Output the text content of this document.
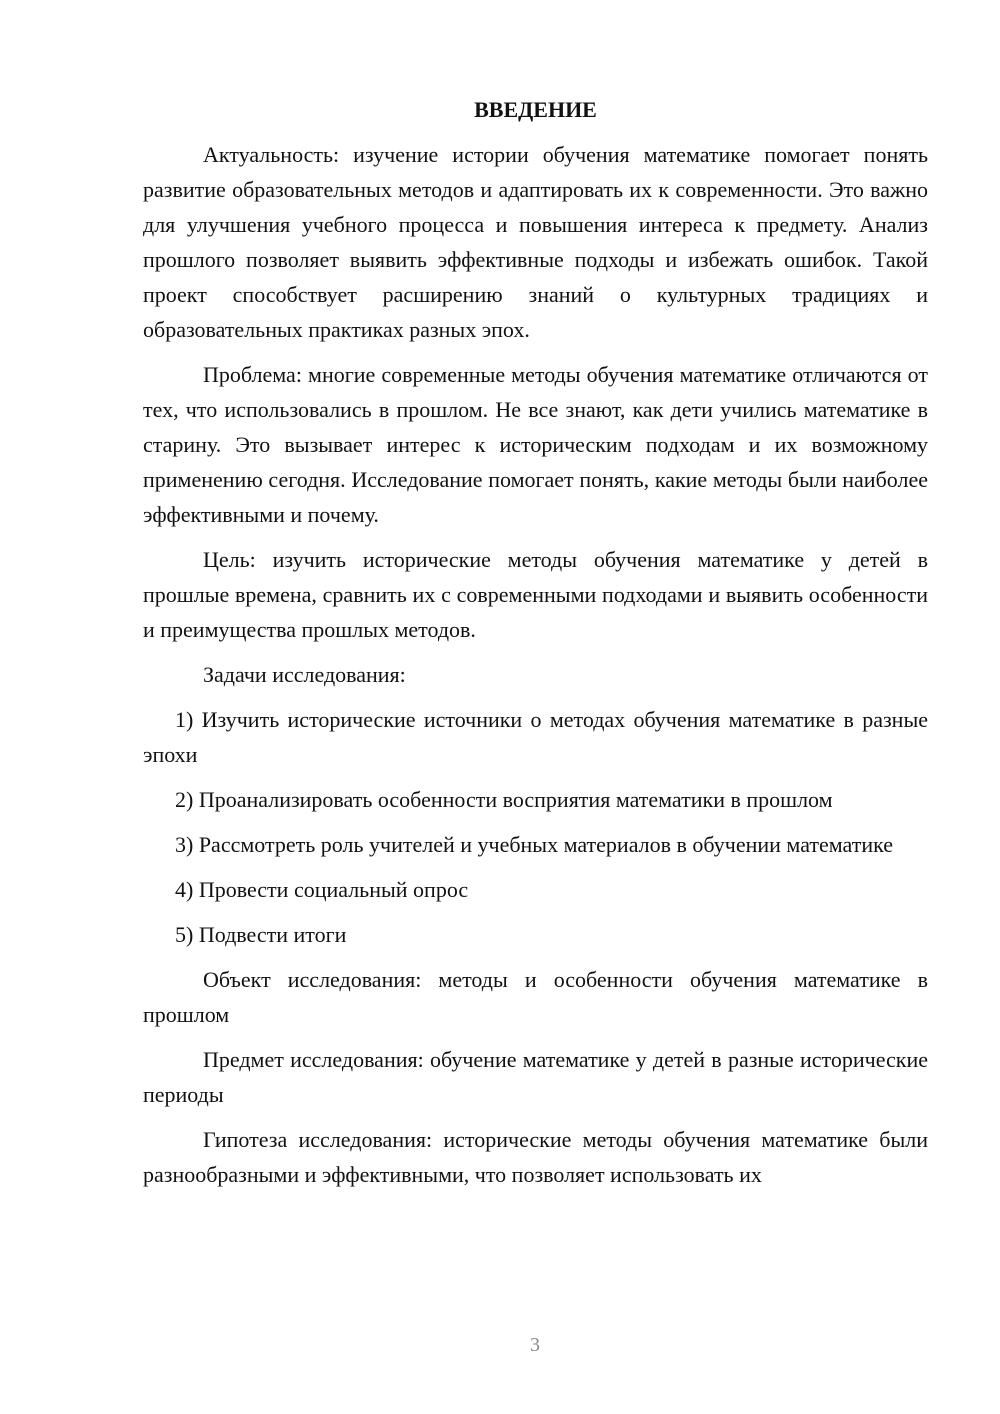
ВВЕДЕНИЕ

Актуальность: изучение истории обучения математике помогает понять развитие образовательных методов и адаптировать их к современности. Это важно для улучшения учебного процесса и повышения интереса к предмету. Анализ прошлого позволяет выявить эффективные подходы и избежать ошибок. Такой проект способствует расширению знаний о культурных традициях и образовательных практиках разных эпох.

Проблема: многие современные методы обучения математике отличаются от тех, что использовались в прошлом. Не все знают, как дети учились математике в старину. Это вызывает интерес к историческим подходам и их возможному применению сегодня. Исследование помогает понять, какие методы были наиболее эффективными и почему.

Цель: изучить исторические методы обучения математике у детей в прошлые времена, сравнить их с современными подходами и выявить особенности и преимущества прошлых методов.

Задачи исследования:

1) Изучить исторические источники о методах обучения математике в разные эпохи

2) Проанализировать особенности восприятия математики в прошлом

3) Рассмотреть роль учителей и учебных материалов в обучении математике

4) Провести социальный опрос

5) Подвести итоги

Объект исследования: методы и особенности обучения математике в прошлом

Предмет исследования: обучение математике у детей в разные исторические периоды

Гипотеза исследования: исторические методы обучения математике были разнообразными и эффективными, что позволяет использовать их

3
